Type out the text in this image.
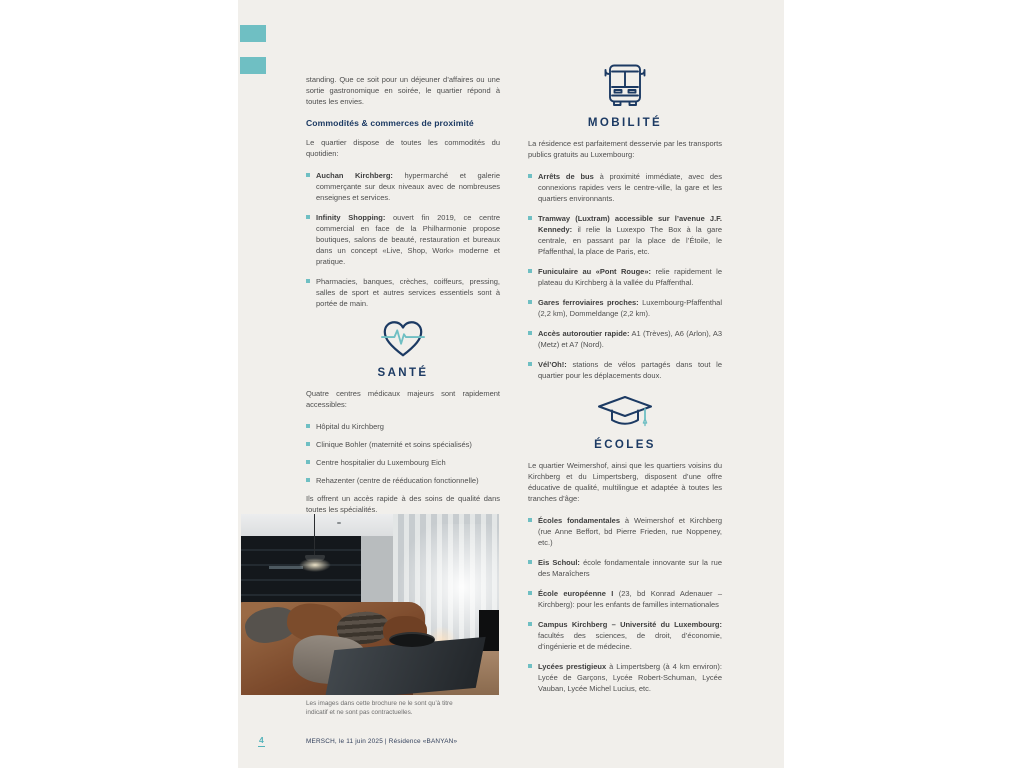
standing. Que ce soit pour un déjeuner d’affaires ou une sortie gastronomique en soirée, le quartier répond à toutes les envies.

Commodités & commerces de proximité

Le quartier dispose de toutes les commodités du quotidien:

Auchan Kirchberg: hypermarché et galerie commerçante sur deux niveaux avec de nombreuses enseignes et services.
Infinity Shopping: ouvert fin 2019, ce centre commercial en face de la Philharmonie propose boutiques, salons de beauté, restauration et bureaux dans un concept «Live, Shop, Work» moderne et pratique.
Pharmacies, banques, crèches, coiffeurs, pressing, salles de sport et autres services essentiels sont à portée de main.
SANTÉ

Quatre centres médicaux majeurs sont rapidement accessibles:

Hôpital du Kirchberg
Clinique Bohler (maternité et soins spécialisés)
Centre hospitalier du Luxembourg Eich
Rehazenter (centre de rééducation fonctionnelle)

Ils offrent un accès rapide à des soins de qualité dans toutes les spécialités.

Les images dans cette brochure ne le sont qu’à titre indicatif et ne sont pas contractuelles.
MOBILITÉ

La résidence est parfaitement desservie par les transports publics gratuits au Luxembourg:

Arrêts de bus à proximité immédiate, avec des connexions rapides vers le centre-ville, la gare et les quartiers environnants.
Tramway (Luxtram) accessible sur l’avenue J.F. Kennedy: il relie la Luxexpo The Box à la gare centrale, en passant par la place de l’Étoile, le Pfaffenthal, la place de Paris, etc.
Funiculaire au «Pont Rouge»: relie rapidement le plateau du Kirchberg à la vallée du Pfaffenthal.
Gares ferroviaires proches: Luxembourg-Pfaffenthal (2,2 km), Dommeldange (2,2 km).
Accès autoroutier rapide: A1 (Trèves), A6 (Arlon), A3 (Metz) et A7 (Nord).
Vél’Oh!: stations de vélos partagés dans tout le quartier pour les déplacements doux.
ÉCOLES

Le quartier Weimershof, ainsi que les quartiers voisins du Kirchberg et du Limpertsberg, disposent d’une offre éducative de qualité, multilingue et adaptée à toutes les tranches d’âge:

Écoles fondamentales à Weimershof et Kirchberg (rue Anne Beffort, bd Pierre Frieden, rue Noppeney, etc.)
Eis Schoul: école fondamentale innovante sur la rue des Maraîchers
École européenne I (23, bd Konrad Adenauer – Kirchberg): pour les enfants de familles internationales
Campus Kirchberg – Université du Luxembourg: facultés des sciences, de droit, d’économie, d’ingénierie et de médecine.
Lycées prestigieux à Limpertsberg (à 4 km environ): Lycée de Garçons, Lycée Robert-Schuman, Lycée Vauban, Lycée Michel Lucius, etc.
4	MERSCH, le 11 juin 2025 | Résidence «BANYAN»
